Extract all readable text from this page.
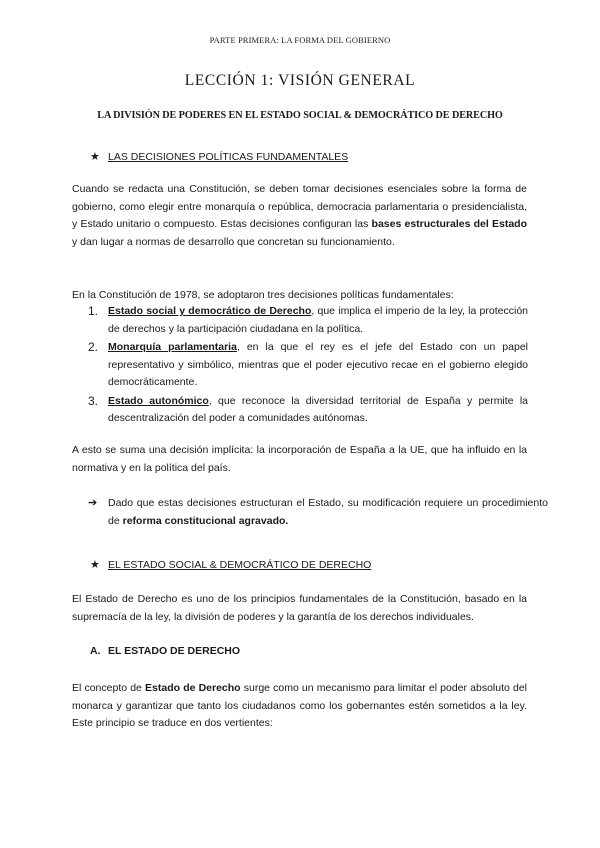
PARTE PRIMERA: LA FORMA DEL GOBIERNO
LECCIÓN 1: VISIÓN GENERAL
LA DIVISIÓN DE PODERES EN EL ESTADO SOCIAL & DEMOCRÁTICO DE DERECHO
★ LAS DECISIONES POLÍTICAS FUNDAMENTALES
Cuando se redacta una Constitución, se deben tomar decisiones esenciales sobre la forma de gobierno, como elegir entre monarquía o república, democracia parlamentaria o presidencialista, y Estado unitario o compuesto. Estas decisiones configuran las bases estructurales del Estado y dan lugar a normas de desarrollo que concretan su funcionamiento.
En la Constitución de 1978, se adoptaron tres decisiones políticas fundamentales:
1. Estado social y democrático de Derecho, que implica el imperio de la ley, la protección de derechos y la participación ciudadana en la política.
2. Monarquía parlamentaria, en la que el rey es el jefe del Estado con un papel representativo y simbólico, mientras que el poder ejecutivo recae en el gobierno elegido democráticamente.
3. Estado autonómico, que reconoce la diversidad territorial de España y permite la descentralización del poder a comunidades autónomas.
A esto se suma una decisión implícita: la incorporación de España a la UE, que ha influido en la normativa y en la política del país.
➔ Dado que estas decisiones estructuran el Estado, su modificación requiere un procedimiento de reforma constitucional agravado.
★ EL ESTADO SOCIAL & DEMOCRÁTICO DE DERECHO
El Estado de Derecho es uno de los principios fundamentales de la Constitución, basado en la supremacía de la ley, la división de poderes y la garantía de los derechos individuales.
A. EL ESTADO DE DERECHO
El concepto de Estado de Derecho surge como un mecanismo para limitar el poder absoluto del monarca y garantizar que tanto los ciudadanos como los gobernantes estén sometidos a la ley. Este principio se traduce en dos vertientes:
